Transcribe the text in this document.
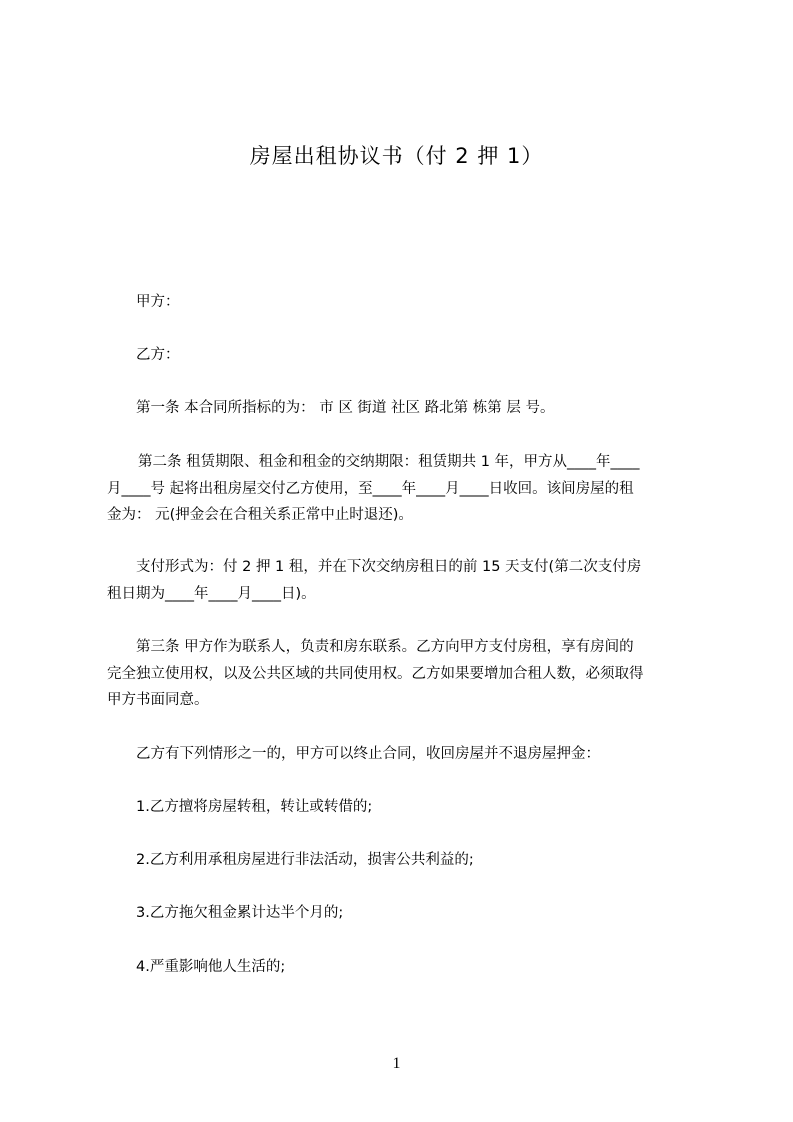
房屋出租协议书（付 2 押 1）

甲方：

乙方：

第一条 本合同所指标的为： 市 区 街道 社区 路北第 栋第 层 号。

第二条 租赁期限、租金和租金的交纳期限：租赁期共 1 年，甲方从____年____
月____号 起将出租房屋交付乙方使用，至____年____月____日收回。该间房屋的租
金为： 元(押金会在合租关系正常中止时退还)。
支付形式为：付 2 押 1 租，并在下次交纳房租日的前 15 天支付(第二次支付房
租日期为____年____月____日)。
第三条 甲方作为联系人，负责和房东联系。乙方向甲方支付房租，享有房间的
完全独立使用权，以及公共区域的共同使用权。乙方如果要增加合租人数，必须取得
甲方书面同意。

乙方有下列情形之一的，甲方可以终止合同，收回房屋并不退房屋押金：

1.乙方擅将房屋转租，转让或转借的;

2.乙方利用承租房屋进行非法活动，损害公共利益的;

3.乙方拖欠租金累计达半个月的;

4.严重影响他人生活的;

1
